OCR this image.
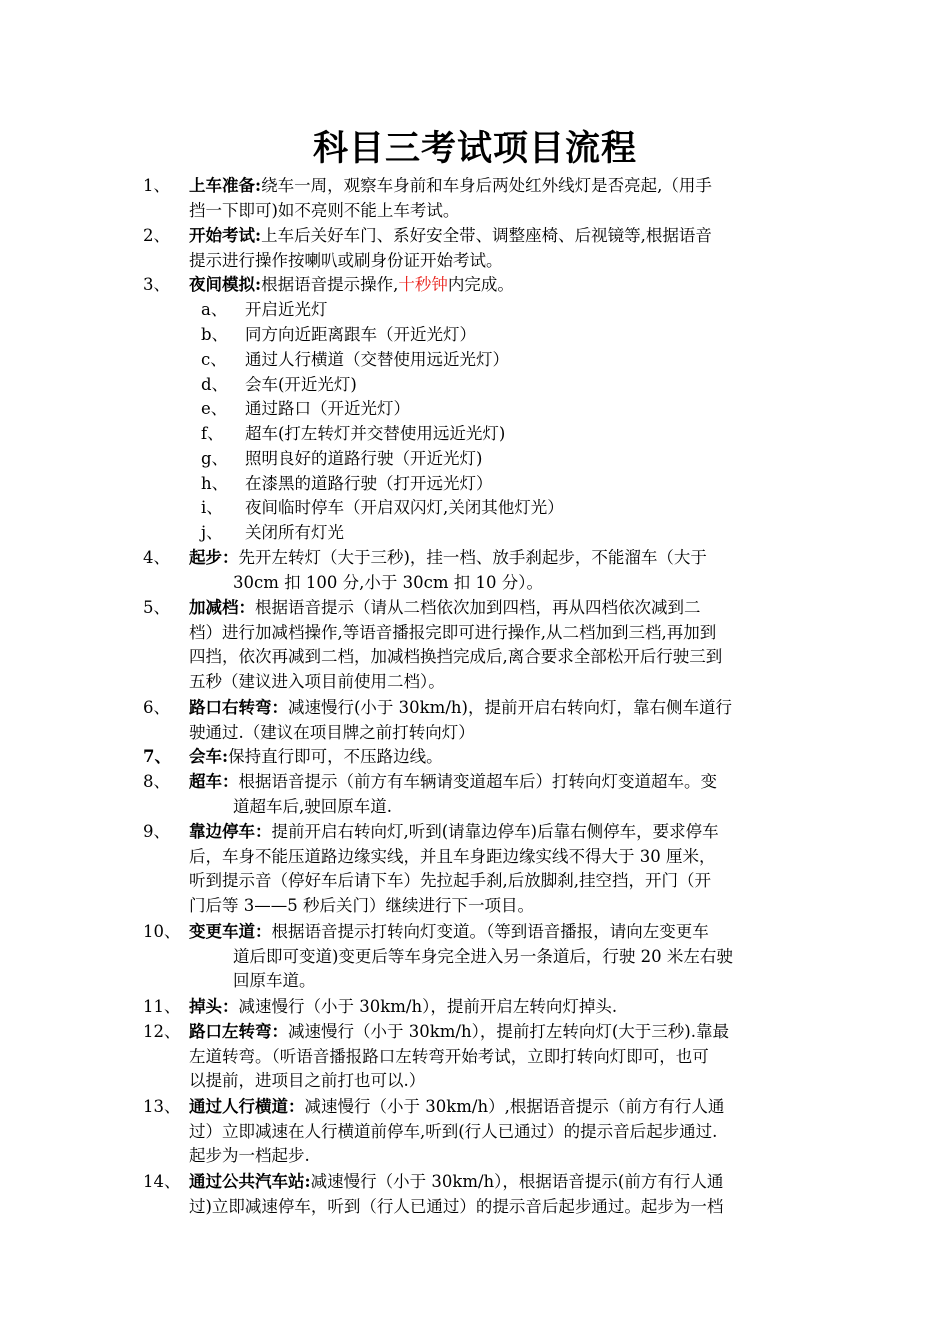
科目三考试项目流程
1、 上车准备:绕车一周，观察车身前和车身后两处红外线灯是否亮起,（用手
挡一下即可)如不亮则不能上车考试。
2、 开始考试:上车后关好车门、系好安全带、调整座椅、后视镜等,根据语音
提示进行操作按喇叭或刷身份证开始考试。
3、 夜间模拟:根据语音提示操作,十秒钟内完成。
a、 开启近光灯
b、 同方向近距离跟车（开近光灯）
c、 通过人行横道（交替使用远近光灯）
d、 会车(开近光灯)
e、 通过路口（开近光灯）
f、 超车(打左转灯并交替使用远近光灯)
g、 照明良好的道路行驶（开近光灯)
h、 在漆黑的道路行驶（打开远光灯）
i、 夜间临时停车（开启双闪灯,关闭其他灯光）
j、 关闭所有灯光
4、 起步：先开左转灯（大于三秒)，挂一档、放手刹起步，不能溜车（大于
30cm 扣 100 分,小于 30cm 扣 10 分）。
5、 加减档：根据语音提示（请从二档依次加到四档，再从四档依次减到二
档）进行加减档操作,等语音播报完即可进行操作,从二档加到三档,再加到
四挡，依次再减到二档，加减档换挡完成后,离合要求全部松开后行驶三到
五秒（建议进入项目前使用二档）。
6、 路口右转弯：减速慢行(小于 30km/h)，提前开启右转向灯，靠右侧车道行
驶通过.（建议在项目牌之前打转向灯）
7、 会车:保持直行即可，不压路边线。
8、 超车：根据语音提示（前方有车辆请变道超车后）打转向灯变道超车。变
道超车后,驶回原车道.
9、 靠边停车：提前开启右转向灯,听到(请靠边停车)后靠右侧停车，要求停车
后，车身不能压道路边缘实线，并且车身距边缘实线不得大于 30 厘米，
听到提示音（停好车后请下车）先拉起手刹,后放脚刹,挂空挡，开门（开
门后等 3——5 秒后关门）继续进行下一项目。
10、 变更车道：根据语音提示打转向灯变道。（等到语音播报，请向左变更车
道后即可变道)变更后等车身完全进入另一条道后，行驶 20 米左右驶
回原车道。
11、 掉头：减速慢行（小于 30km/h），提前开启左转向灯掉头.
12、 路口左转弯：减速慢行（小于 30km/h），提前打左转向灯(大于三秒).靠最
左道转弯。（听语音播报路口左转弯开始考试，立即打转向灯即可，也可
以提前，进项目之前打也可以.）
13、 通过人行横道：减速慢行（小于 30km/h）,根据语音提示（前方有行人通
过）立即减速在人行横道前停车,听到(行人已通过）的提示音后起步通过.
起步为一档起步.
14、 通过公共汽车站:减速慢行（小于 30km/h），根据语音提示(前方有行人通
过)立即减速停车，听到（行人已通过）的提示音后起步通过。起步为一档
